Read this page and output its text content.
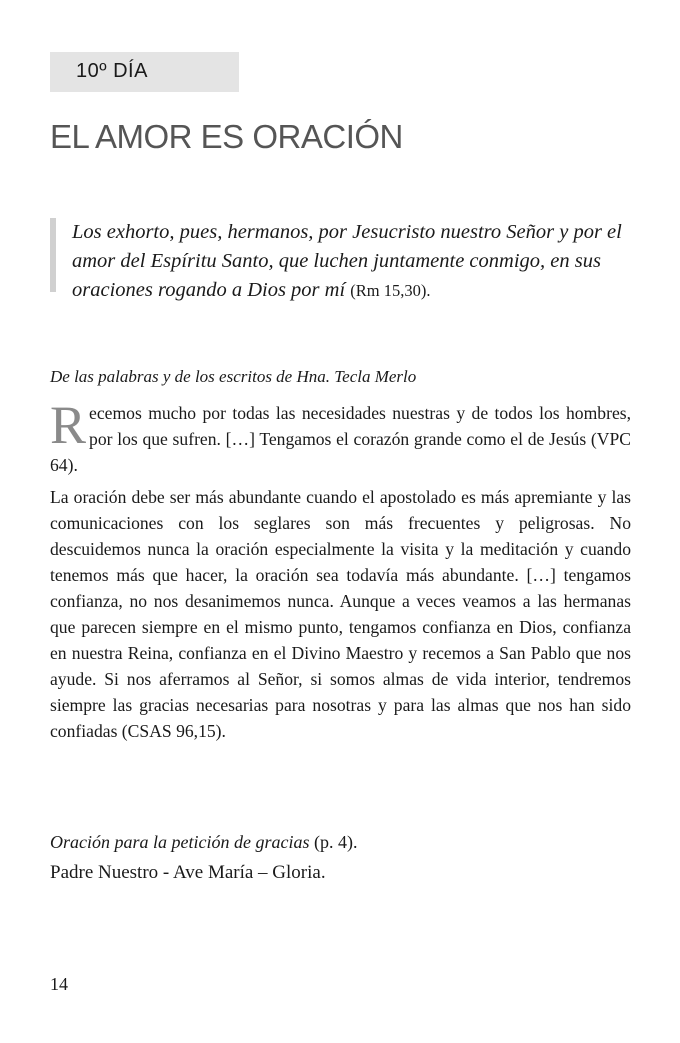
10º DÍA
EL AMOR ES ORACIÓN
Los exhorto, pues, hermanos, por Jesucristo nuestro Señor y por el amor del Espíritu Santo, que luchen juntamente conmigo, en sus oraciones rogando a Dios por mí (Rm 15,30).
De las palabras y de los escritos de Hna. Tecla Merlo
R ecemos mucho por todas las necesidades nuestras y de todos los hombres, por los que sufren. […] Tengamos el corazón grande como el de Jesús (VPC 64).
La oración debe ser más abundante cuando el apostolado es más apremiante y las comunicaciones con los seglares son más frecuentes y peligrosas. No descuidemos nunca la oración especialmente la visita y la meditación y cuando tenemos más que hacer, la oración sea todavía más abundante. […] tengamos confianza, no nos desanimemos nunca. Aunque a veces veamos a las hermanas que parecen siempre en el mismo punto, tengamos confianza en Dios, confianza en nuestra Reina, confianza en el Divino Maestro y recemos a San Pablo que nos ayude. Si nos aferramos al Señor, si somos almas de vida interior, tendremos siempre las gracias necesarias para nosotras y para las almas que nos han sido confiadas (CSAS 96,15).
Oración para la petición de gracias (p. 4).
Padre Nuestro - Ave María – Gloria.
14
